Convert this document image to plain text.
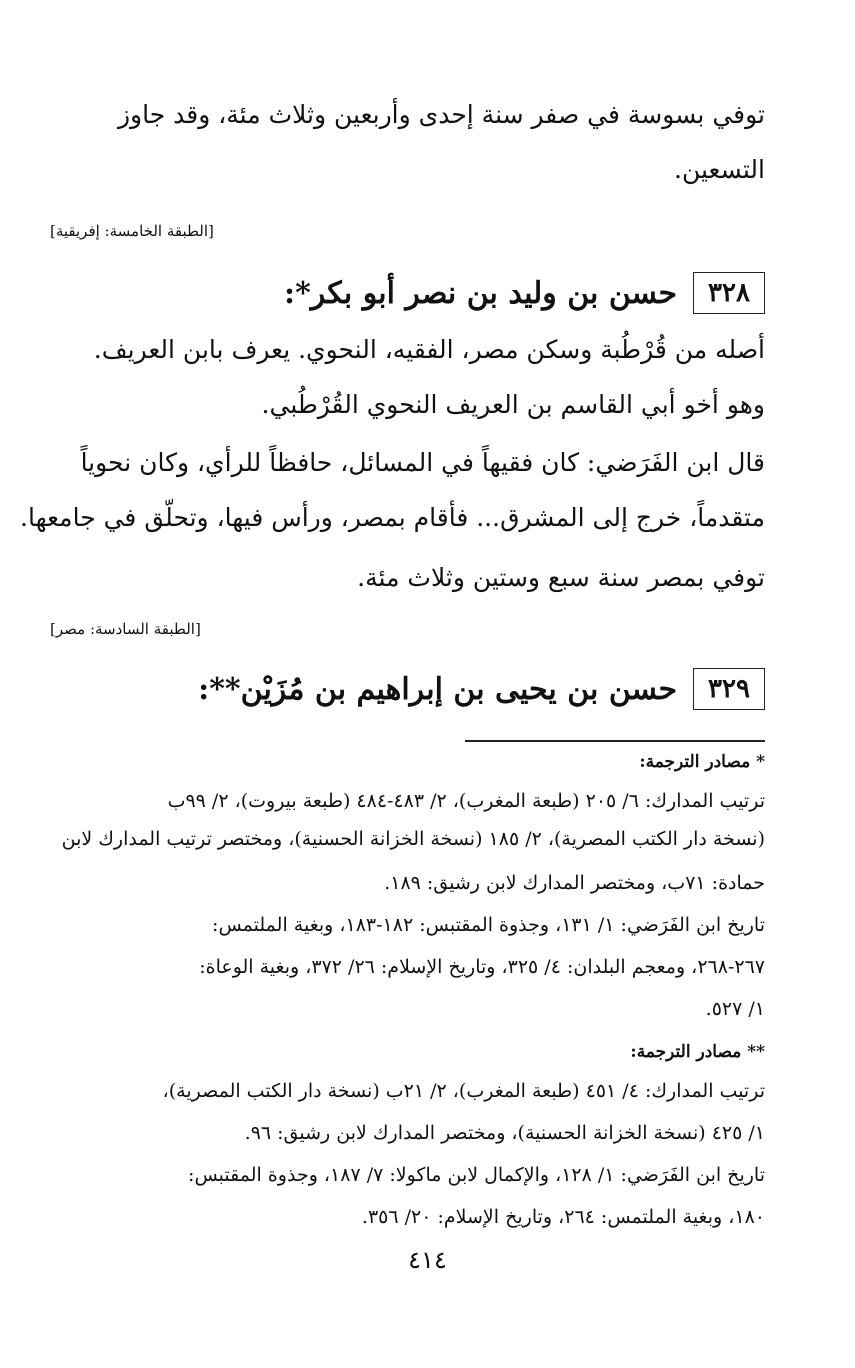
توفي بسوسة في صفر سنة إحدى وأربعين وثلاث مئة، وقد جاوز
التسعين.
[الطبقة الخامسة: إفريقية]
٣٢٨
حسن بن وليد بن نصر أبو بكر*:
أصله من قُرْطُبة وسكن مصر، الفقيه، النحوي. يعرف بابن العريف.
وهو أخو أبي القاسم بن العريف النحوي القُرْطُبي.
قال ابن الفَرَضي: كان فقيهاً في المسائل، حافظاً للرأي، وكان نحوياً
متقدماً، خرج إلى المشرق... فأقام بمصر، ورأس فيها، وتحلّق في جامعها.
توفي بمصر سنة سبع وستين وثلاث مئة.
[الطبقة السادسة: مصر]
٣٢٩
حسن بن يحيى بن إبراهيم بن مُزَيْن**:
* مصادر الترجمة:
ترتيب المدارك: ٦/ ٢٠٥ (طبعة المغرب)، ٢/ ٤٨٣-٤٨٤ (طبعة بيروت)، ٢/ ٩٩ب
(نسخة دار الكتب المصرية)، ٢/ ١٨٥ (نسخة الخزانة الحسنية)، ومختصر ترتيب المدارك لابن
حمادة: ٧١ب، ومختصر المدارك لابن رشيق: ١٨٩.
تاريخ ابن الفَرَضي: ١/ ١٣١، وجذوة المقتبس: ١٨٢-١٨٣، وبغية الملتمس:
٢٦٧-٢٦٨، ومعجم البلدان: ٤/ ٣٢٥، وتاريخ الإسلام: ٢٦/ ٣٧٢، وبغية الوعاة:
١/ ٥٢٧.
** مصادر الترجمة:
ترتيب المدارك: ٤/ ٤٥١ (طبعة المغرب)، ٢/ ٢١ب (نسخة دار الكتب المصرية)،
١/ ٤٢٥ (نسخة الخزانة الحسنية)، ومختصر المدارك لابن رشيق: ٩٦.
تاريخ ابن الفَرَضي: ١/ ١٢٨، والإكمال لابن ماكولا: ٧/ ١٨٧، وجذوة المقتبس:
١٨٠، وبغية الملتمس: ٢٦٤، وتاريخ الإسلام: ٢٠/ ٣٥٦.
٤١٤
